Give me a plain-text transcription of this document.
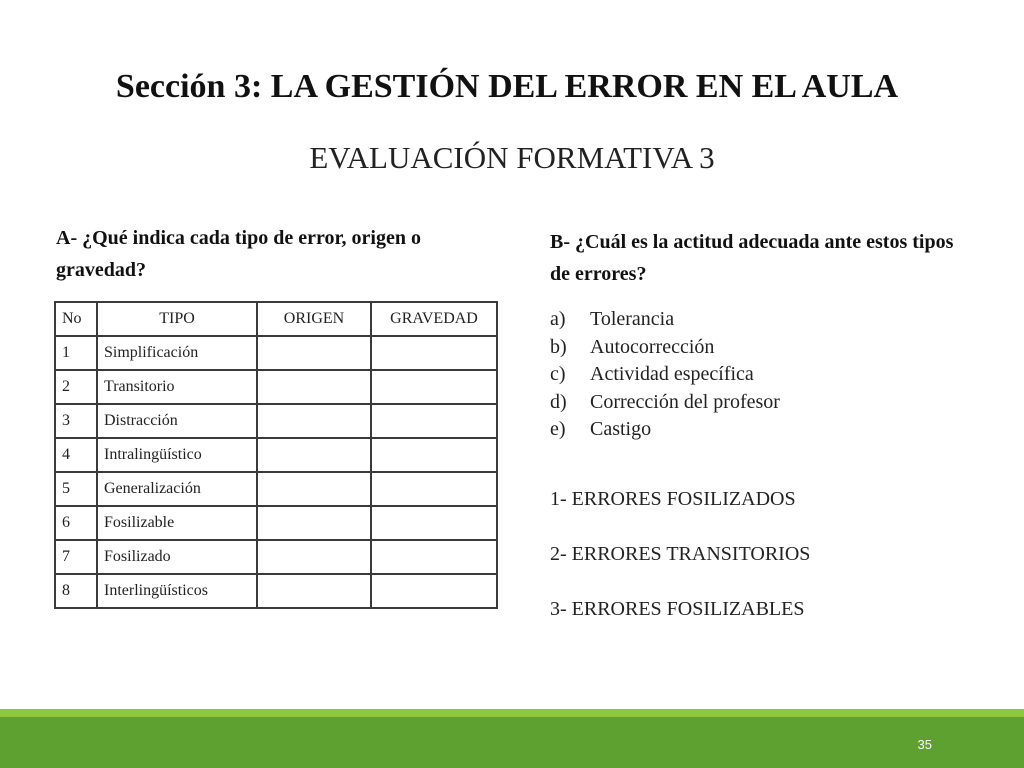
Sección 3: LA GESTIÓN DEL ERROR EN EL AULA
EVALUACIÓN FORMATIVA 3
A- ¿Qué indica cada tipo de error, origen o gravedad?
No	TIPO	ORIGEN	GRAVEDAD
1	Simplificación		
2	Transitorio		
3	Distracción		
4	Intralingüístico		
5	Generalización		
6	Fosilizable		
7	Fosilizado		
8	Interlingüísticos		
B- ¿Cuál es la actitud adecuada ante estos tipos de errores?
a)	Tolerancia
b)	Autocorrección
c)	Actividad específica
d)	Corrección del profesor
e)	Castigo
1- ERRORES FOSILIZADOS
2- ERRORES TRANSITORIOS
3- ERRORES FOSILIZABLES
35
